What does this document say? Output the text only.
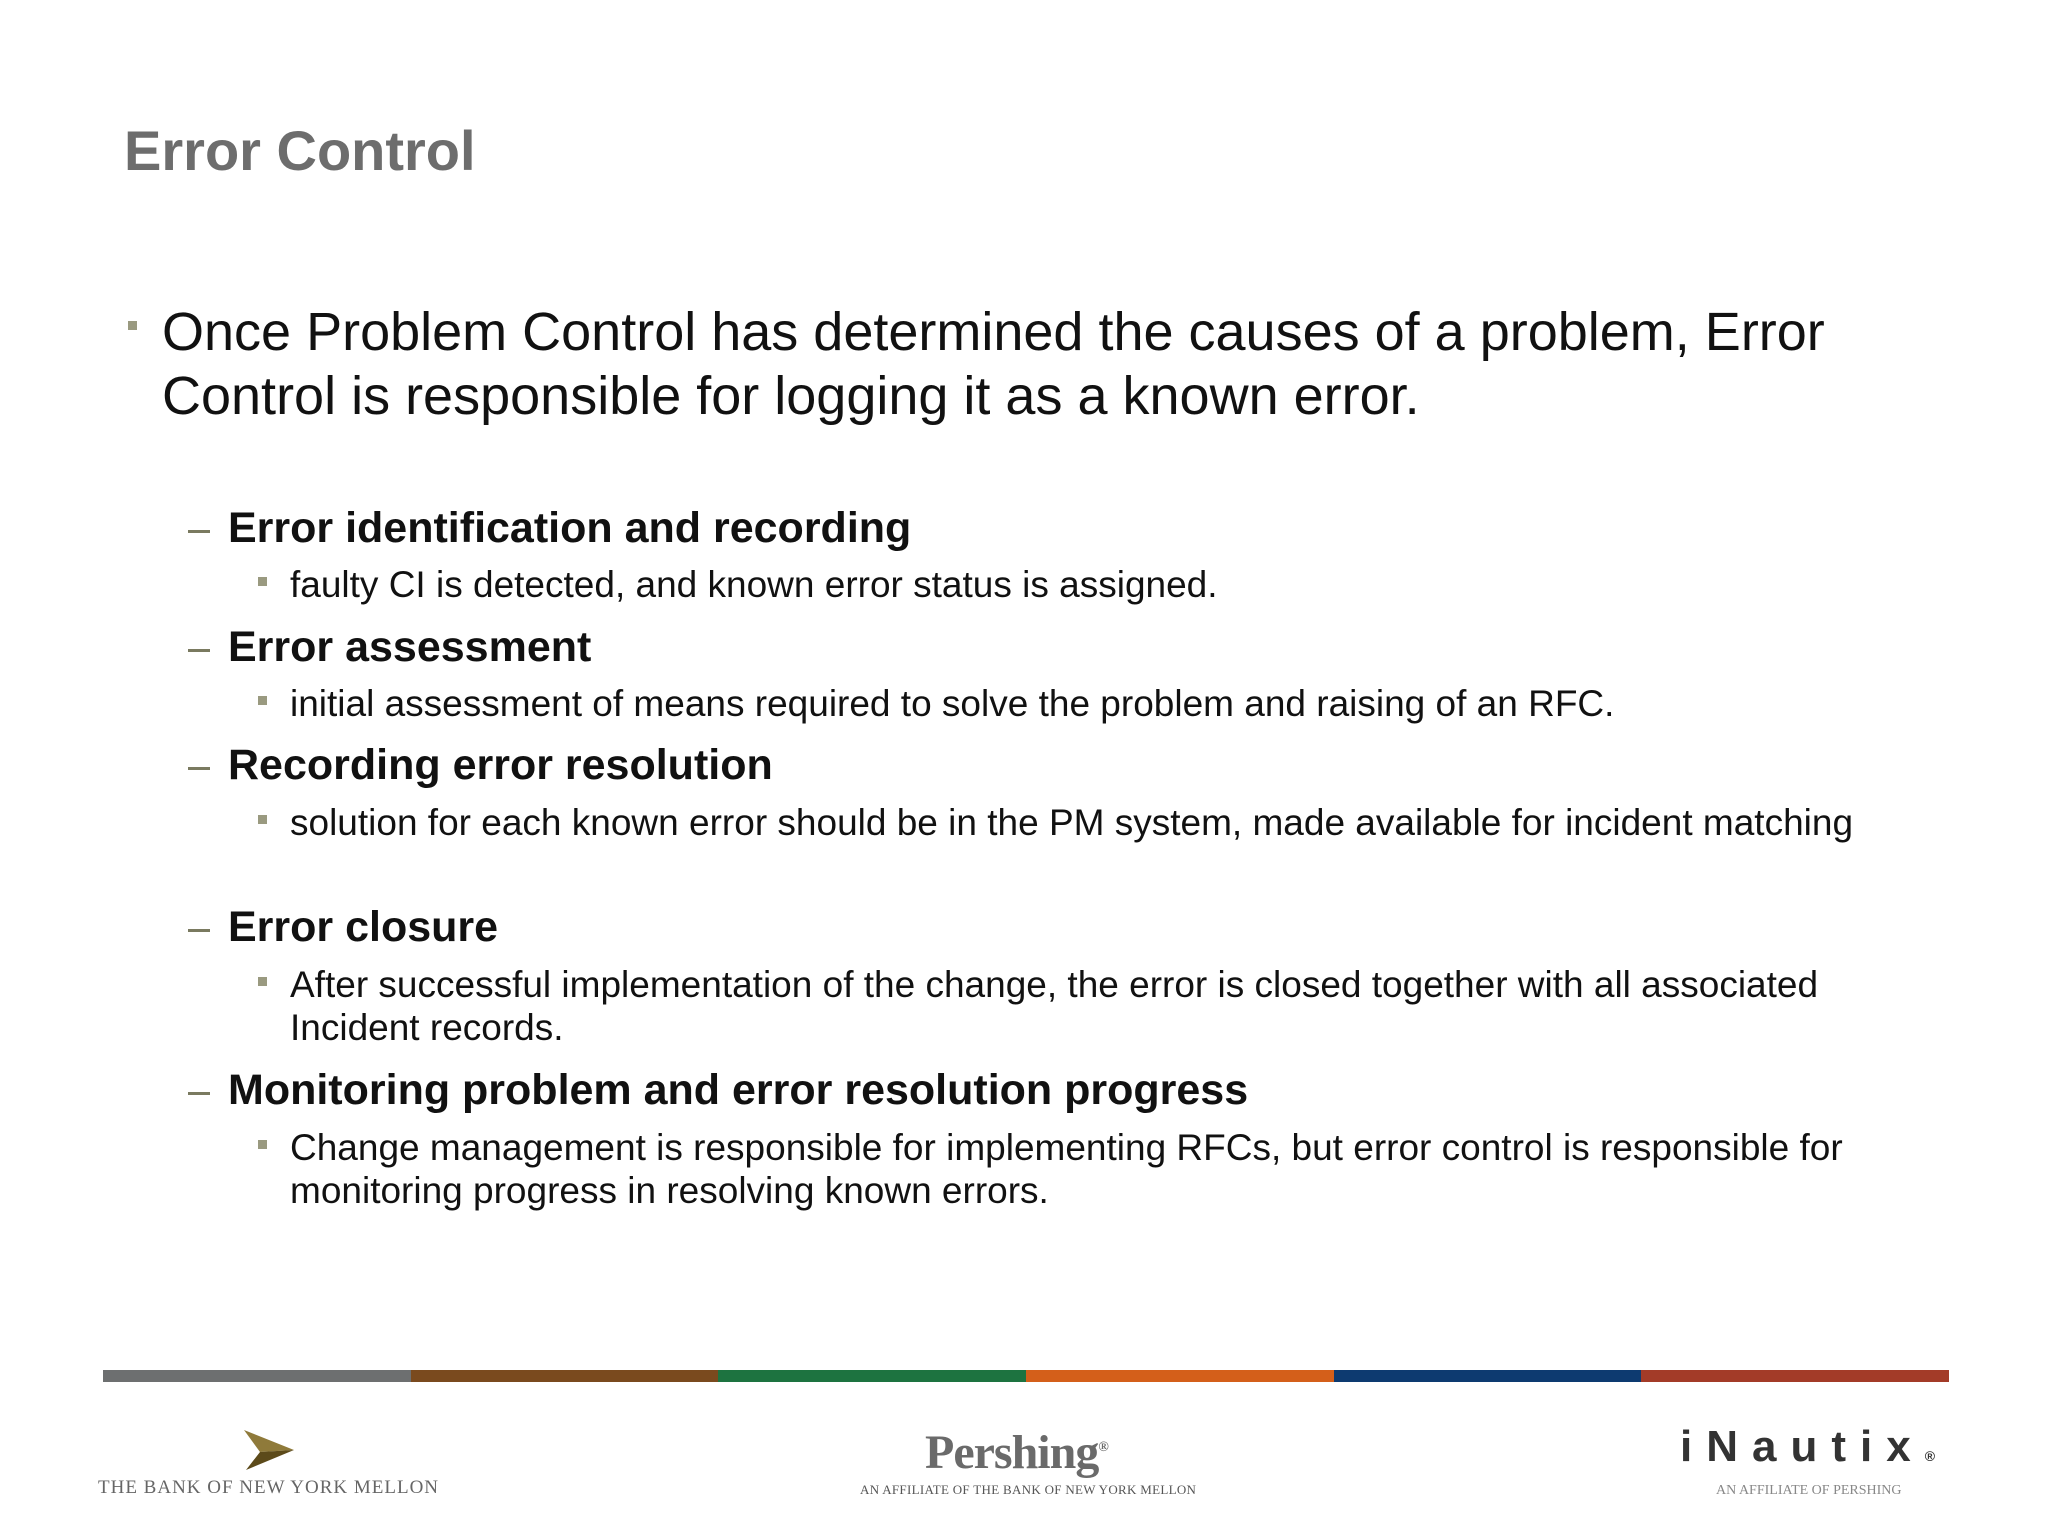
Error Control
Once Problem Control has determined the causes of a problem, Error Control is responsible for logging it as a known error.
Error identification and recording
faulty CI is detected, and known error status is assigned.
Error assessment
initial assessment of means required to solve the problem and raising of an RFC.
Recording error resolution
solution for each known error should be in the PM system, made available for incident matching
Error closure
After successful implementation of the change, the error is closed together with all associated Incident records.
Monitoring problem and error resolution progress
Change management is responsible for implementing RFCs, but error control is responsible for monitoring progress in resolving known errors.
THE BANK OF NEW YORK MELLON
Pershing®
AN AFFILIATE OF THE BANK OF NEW YORK MELLON
iNautix®
AN AFFILIATE OF PERSHING
